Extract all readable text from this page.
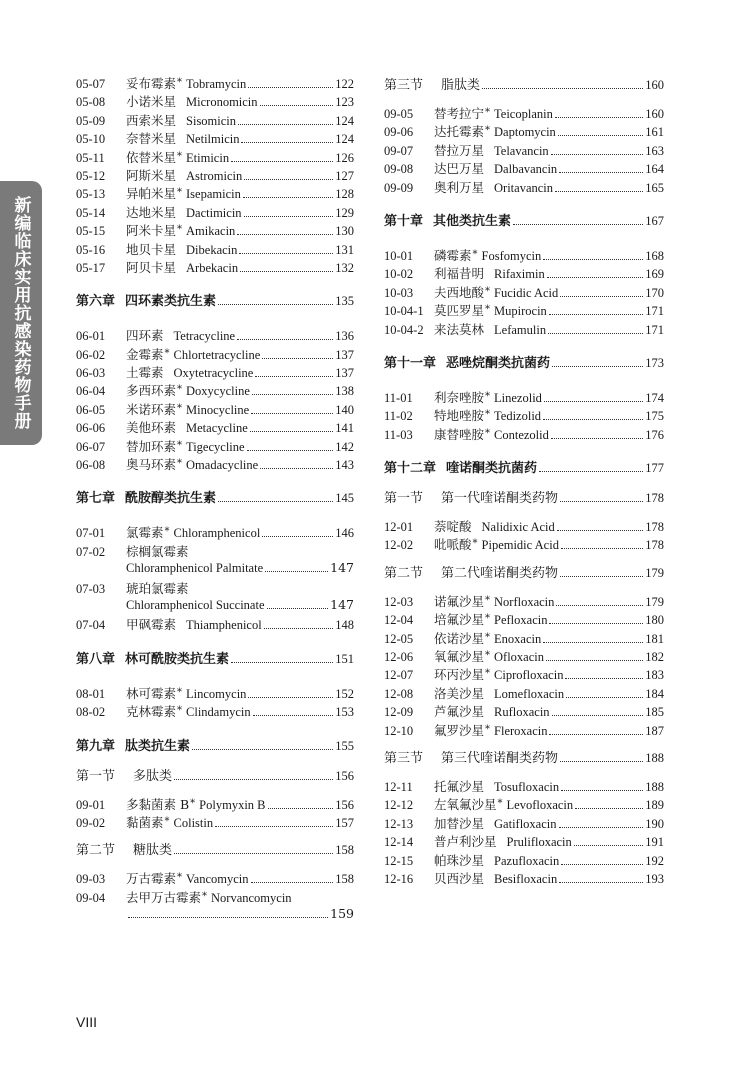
新编临床实用抗感染药物手册
05-07	妥布霉素 * Tobramycin	122
05-08	小诺米星 Micronomicin	123
05-09	西索米星 Sisomicin	124
05-10	奈替米星 Netilmicin	124
05-11	依替米星 * Etimicin	126
05-12	阿斯米星 Astromicin	127
05-13	异帕米星 * Isepamicin	128
05-14	达地米星 Dactimicin	129
05-15	阿米卡星 * Amikacin	130
05-16	地贝卡星 Dibekacin	131
05-17	阿贝卡星 Arbekacin	132
第六章 四环素类抗生素	135
06-01	四环素 Tetracycline	136
06-02	金霉素 * Chlortetracycline	137
06-03	土霉素 Oxytetracycline	137
06-04	多西环素 * Doxycycline	138
06-05	米诺环素 * Minocycline	140
06-06	美他环素 Metacycline	141
06-07	替加环素 * Tigecycline	142
06-08	奥马环素 * Omadacycline	143
第七章 酰胺醇类抗生素	145
07-01	氯霉素 * Chloramphenicol	146
07-02	棕榈氯霉素
Chloramphenicol Palmitate	147
07-03	琥珀氯霉素
Chloramphenicol Succinate	147
07-04	甲砜霉素 Thiamphenicol	148
第八章 林可酰胺类抗生素	151
08-01	林可霉素 * Lincomycin	152
08-02	克林霉素 * Clindamycin	153
第九章 肽类抗生素	155
第一节 多肽类	156
09-01	多黏菌素 B * Polymyxin B	156
09-02	黏菌素 * Colistin	157
第二节 糖肽类	158
09-03	万古霉素 * Vancomycin	158
09-04	去甲万古霉素 * Norvancomycin
159
第三节 脂肽类	160
09-05	替考拉宁 * Teicoplanin	160
09-06	达托霉素 * Daptomycin	161
09-07	替拉万星 Telavancin	163
09-08	达巴万星 Dalbavancin	164
09-09	奥利万星 Oritavancin	165
第十章 其他类抗生素	167
10-01	磷霉素 * Fosfomycin	168
10-02	利福昔明 Rifaximin	169
10-03	夫西地酸 * Fucidic Acid	170
10-04-1 莫匹罗星 * Mupirocin	171
10-04-2 来法莫林 Lefamulin	171
第十一章 恶唑烷酮类抗菌药	173
11-01	利奈唑胺 * Linezolid	174
11-02	特地唑胺 * Tedizolid	175
11-03	康替唑胺 * Contezolid	176
第十二章 喹诺酮类抗菌药	177
第一节 第一代喹诺酮类药物	178
12-01	萘啶酸 Nalidixic Acid	178
12-02	吡哌酸 * Pipemidic Acid	178
第二节 第二代喹诺酮类药物	179
12-03	诺氟沙星 * Norfloxacin	179
12-04	培氟沙星 * Pefloxacin	180
12-05	依诺沙星 * Enoxacin	181
12-06	氧氟沙星 * Ofloxacin	182
12-07	环丙沙星 * Ciprofloxacin	183
12-08	洛美沙星 Lomefloxacin	184
12-09	芦氟沙星 Rufloxacin	185
12-10	氟罗沙星 * Fleroxacin	187
第三节 第三代喹诺酮类药物	188
12-11	托氟沙星 Tosufloxacin	188
12-12	左氧氟沙星 * Levofloxacin	189
12-13	加替沙星 Gatifloxacin	190
12-14	普卢利沙星 Prulifloxacin	191
12-15	帕珠沙星 Pazufloxacin	192
12-16	贝西沙星 Besifloxacin	193
VIII
